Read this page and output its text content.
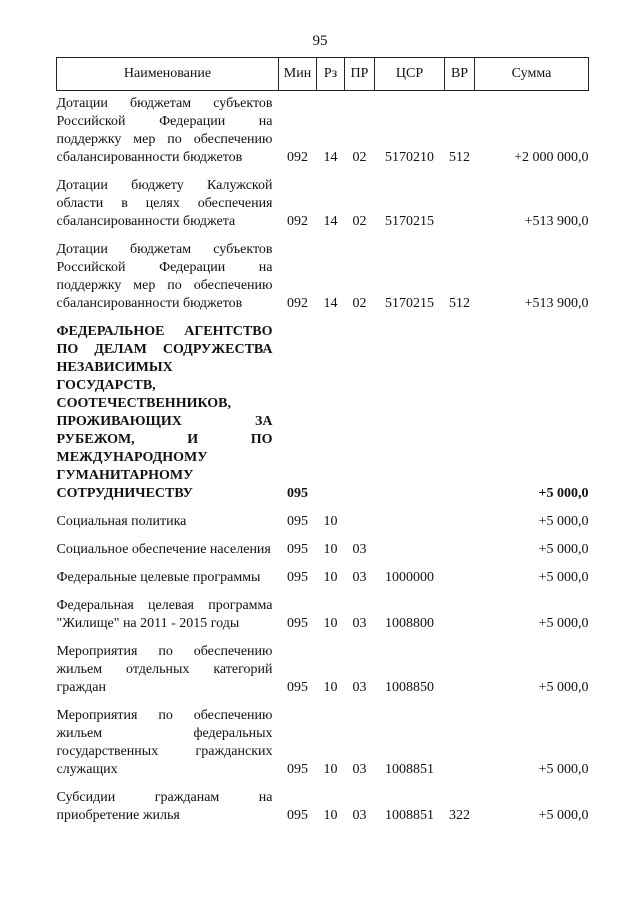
95
Наименование	Мин	Рз	ПР	ЦСР	ВР	Сумма
Дотации бюджетам субъектов Российской Федерации на поддержку мер по обеспечению сбалансированности бюджетов	092	14	02	5170210	512	+2 000 000,0
Дотации бюджету Калужской области в целях обеспечения сбалансированности бюджета	092	14	02	5170215		+513 900,0
Дотации бюджетам субъектов Российской Федерации на поддержку мер по обеспечению сбалансированности бюджетов	092	14	02	5170215	512	+513 900,0
ФЕДЕРАЛЬНОЕ АГЕНТСТВО ПО ДЕЛАМ СОДРУЖЕСТВА НЕЗАВИСИМЫХ ГОСУДАРСТВ, СООТЕЧЕСТВЕННИКОВ, ПРОЖИВАЮЩИХ ЗА РУБЕЖОМ, И ПО МЕЖДУНАРОДНОМУ ГУМАНИТАРНОМУ СОТРУДНИЧЕСТВУ	095					+5 000,0
Социальная политика	095	10				+5 000,0
Социальное обеспечение населения	095	10	03			+5 000,0
Федеральные целевые программы	095	10	03	1000000		+5 000,0
Федеральная целевая программа "Жилище" на 2011 - 2015 годы	095	10	03	1008800		+5 000,0
Мероприятия по обеспечению жильем отдельных категорий граждан	095	10	03	1008850		+5 000,0
Мероприятия по обеспечению жильем федеральных государственных гражданских служащих	095	10	03	1008851		+5 000,0
Субсидии гражданам на приобретение жилья	095	10	03	1008851	322	+5 000,0
